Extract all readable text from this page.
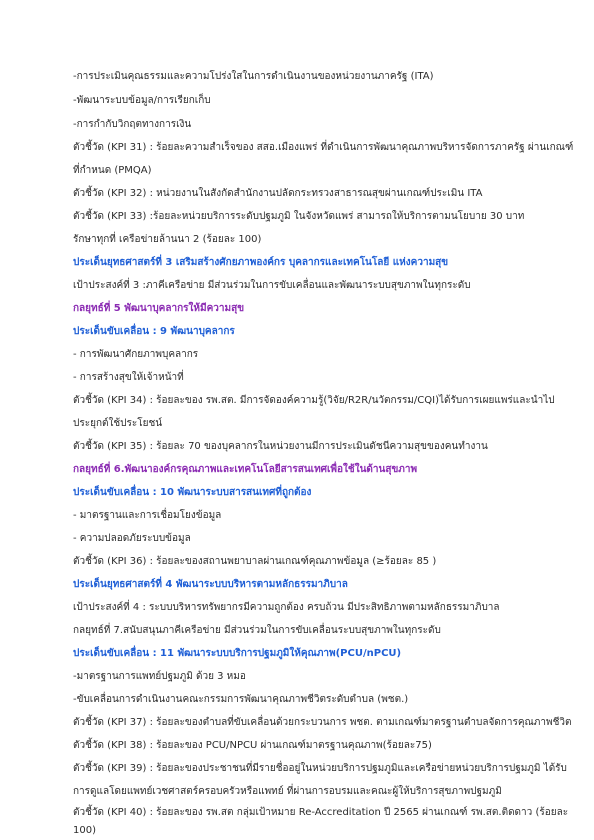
-การประเมินคุณธรรมและความโปร่งใสในการดำเนินงานของหน่วยงานภาครัฐ (ITA)
-พัฒนาระบบข้อมูล/การเรียกเก็บ
-การกำกับวิกฤตทางการเงิน
ตัวชี้วัด (KPI 31) : ร้อยละความสำเร็จของ สสอ.เมืองแพร่ ที่ดำเนินการพัฒนาคุณภาพบริหารจัดการภาครัฐ ผ่านเกณฑ์
ที่กำหนด (PMQA)
ตัวชี้วัด (KPI 32) : หน่วยงานในสังกัดสำนักงานปลัดกระทรวงสาธารณสุขผ่านเกณฑ์ประเมิน ITA
ตัวชี้วัด (KPI 33) :ร้อยละหน่วยบริการระดับปฐมภูมิ ในจังหวัดแพร่ สามารถให้บริการตามนโยบาย 30 บาท
รักษาทุกที่ เครือข่ายล้านนา 2 (ร้อยละ 100)
ประเด็นยุทธศาสตร์ที่ 3 เสริมสร้างศักยภาพองค์กร บุคลากรและเทคโนโลยี แห่งความสุข
เป้าประสงค์ที่ 3 :ภาคีเครือข่าย มีส่วนร่วมในการขับเคลื่อนและพัฒนาระบบสุขภาพในทุกระดับ
กลยุทธ์ที่ 5 พัฒนาบุคลากรให้มีความสุข
ประเด็นขับเคลื่อน : 9 พัฒนาบุคลากร
- การพัฒนาศักยภาพบุคลากร
- การสร้างสุขให้เจ้าหน้าที่
ตัวชี้วัด (KPI 34) : ร้อยละของ รพ.สต. มีการจัดองค์ความรู้(วิจัย/R2R/นวัตกรรม/CQI)ได้รับการเผยแพร่และนำไป
ประยุกต์ใช้ประโยชน์
ตัวชี้วัด (KPI 35) : ร้อยละ 70 ของบุคลากรในหน่วยงานมีการประเมินดัชนีความสุขของคนทำงาน
กลยุทธ์ที่ 6.พัฒนาองค์กรคุณภาพและเทคโนโลยีสารสนเทศเพื่อใช้ในด้านสุขภาพ
ประเด็นขับเคลื่อน : 10 พัฒนาระบบสารสนเทศที่ถูกต้อง
- มาตรฐานและการเชื่อมโยงข้อมูล
- ความปลอดภัยระบบข้อมูล
ตัวชี้วัด (KPI 36) : ร้อยละของสถานพยาบาลผ่านเกณฑ์คุณภาพข้อมูล (≥ร้อยละ 85 )
ประเด็นยุทธศาสตร์ที่ 4 พัฒนาระบบบริหารตามหลักธรรมาภิบาล
เป้าประสงค์ที่ 4 : ระบบบริหารทรัพยากรมีความถูกต้อง ครบถ้วน มีประสิทธิภาพตามหลักธรรมาภิบาล
กลยุทธ์ที่ 7.สนับสนุนภาคีเครือข่าย มีส่วนร่วมในการขับเคลื่อนระบบสุขภาพในทุกระดับ
ประเด็นขับเคลื่อน : 11 พัฒนาระบบบริการปฐมภูมิให้คุณภาพ(PCU/nPCU)
-มาตรฐานการแพทย์ปฐมภูมิ ด้วย 3 หมอ
-ขับเคลื่อนการดำเนินงานคณะกรรมการพัฒนาคุณภาพชีวิตระดับตำบล (พชต.)
ตัวชี้วัด (KPI 37) : ร้อยละของตำบลที่ขับเคลื่อนด้วยกระบวนการ พชต. ตามเกณฑ์มาตรฐานตำบลจัดการคุณภาพชีวิต
ตัวชี้วัด (KPI 38) : ร้อยละของ PCU/NPCU ผ่านเกณฑ์มาตรฐานคุณภาพ(ร้อยละ75)
ตัวชี้วัด (KPI 39) : ร้อยละของประชาชนที่มีรายชื่ออยู่ในหน่วยบริการปฐมภูมิและเครือข่ายหน่วยบริการปฐมภูมิ ได้รับ
การดูแลโดยแพทย์เวชศาสตร์ครอบครัวหรือแพทย์ ที่ผ่านการอบรมและคณะผู้ให้บริการสุขภาพปฐมภูมิ
ตัวชี้วัด (KPI 40) : ร้อยละของ รพ.สต กลุ่มเป้าหมาย Re-Accreditation ปี 2565 ผ่านเกณฑ์ รพ.สต.ติดดาว (ร้อยละ
100)
